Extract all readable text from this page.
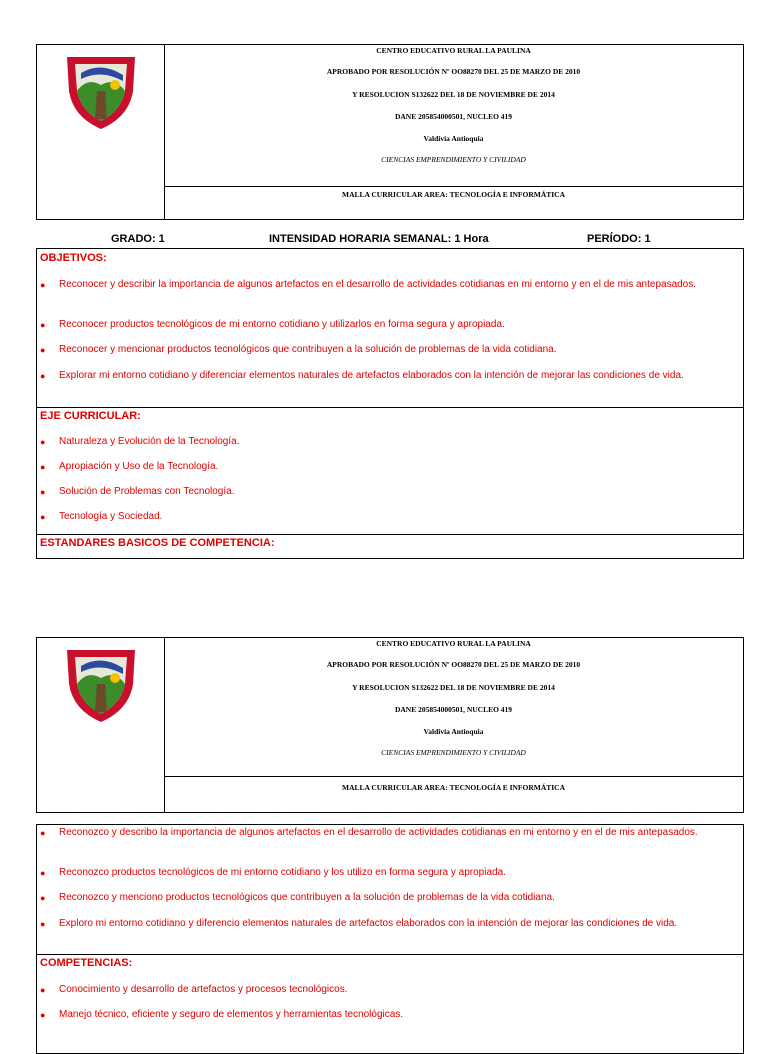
CENTRO EDUCATIVO RURAL LA PAULINA
APROBADO POR RESOLUCIÓN Nº OO88270 DEL 25 DE MARZO DE 2010
Y RESOLUCION S132622 DEL 18 DE NOVIEMBRE DE 2014
DANE 205854000501, NUCLEO 419
Valdivia Antioquia
CIENCIAS EMPRENDIMIENTO Y CIVILIDAD
MALLA CURRICULAR AREA: TECNOLOGÍA E INFORMÁTICA
GRADO: 1	INTENSIDAD HORARIA SEMANAL: 1 Hora	PERÍODO: 1
OBJETIVOS:
● Reconocer y describir la importancia de algunos artefactos en el desarrollo de actividades cotidianas en mi entorno y en el de mis antepasados.
● Reconocer productos tecnológicos de mi entorno cotidiano y utilizarlos en forma segura y apropiada.
● Reconocer y mencionar productos tecnológicos que contribuyen a la solución de problemas de la vida cotidiana.
● Explorar mi entorno cotidiano y diferenciar elementos naturales de artefactos elaborados con la intención de mejorar las condiciones de vida.
EJE CURRICULAR:
● Naturaleza y Evolución de la Tecnología.
● Apropiación y Uso de la Tecnología.
● Solución de Problemas con Tecnología.
● Tecnología y Sociedad.
ESTANDARES BASICOS DE COMPETENCIA:
CENTRO EDUCATIVO RURAL LA PAULINA
APROBADO POR RESOLUCIÓN Nº OO88270 DEL 25 DE MARZO DE 2010
Y RESOLUCION S132622 DEL 18 DE NOVIEMBRE DE 2014
DANE 205854000501, NUCLEO 419
Valdivia Antioquia
CIENCIAS EMPRENDIMIENTO Y CIVILIDAD
MALLA CURRICULAR AREA: TECNOLOGÍA E INFORMÁTICA
● Reconozco y describo la importancia de algunos artefactos en el desarrollo de actividades cotidianas en mi entorno y en el de mis antepasados.
● Reconozco productos tecnológicos de mi entorno cotidiano y los utilizo en forma segura y apropiada.
● Reconozco y menciono productos tecnológicos que contribuyen a la solución de problemas de la vida cotidiana.
● Exploro mi entorno cotidiano y diferencio elementos naturales de artefactos elaborados con la intención de mejorar las condiciones de vida.
COMPETENCIAS:
● Conocimiento y desarrollo de artefactos y procesos tecnológicos.
● Manejo técnico, eficiente y seguro de elementos y herramientas tecnológicas.
